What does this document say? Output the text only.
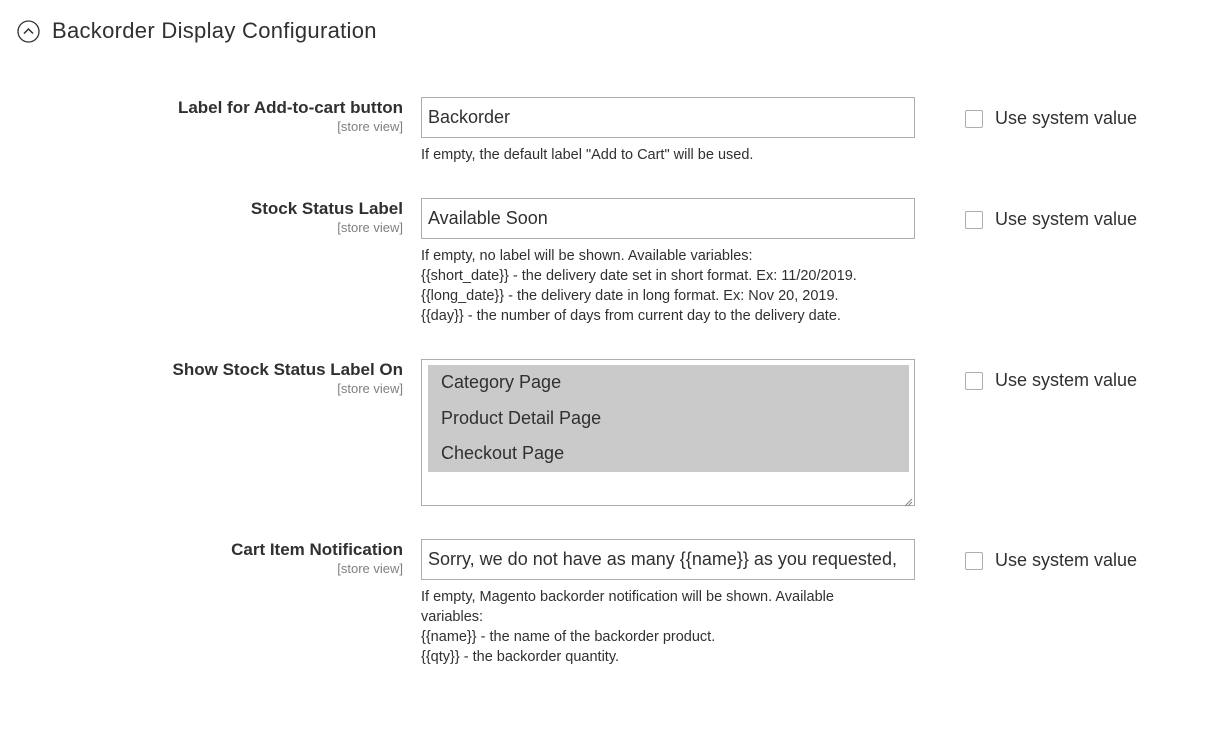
Backorder Display Configuration
Label for Add-to-cart button
[store view]	Backorder
If empty, the default label "Add to Cart" will be used.
Use system value
Stock Status Label
[store view]	Available Soon
If empty, no label will be shown. Available variables:
{{short_date}} - the delivery date set in short format. Ex: 11/20/2019.
{{long_date}} - the delivery date in long format. Ex: Nov 20, 2019.
{{day}} - the number of days from current day to the delivery date.
Use system value
Show Stock Status Label On
[store view]	Category Page
Product Detail Page
Checkout Page
Use system value
Cart Item Notification
[store view]	Sorry, we do not have as many {{name}} as you requested,
If empty, Magento backorder notification will be shown. Available
variables:
{{name}} - the name of the backorder product.
{{qty}} - the backorder quantity.
Use system value
